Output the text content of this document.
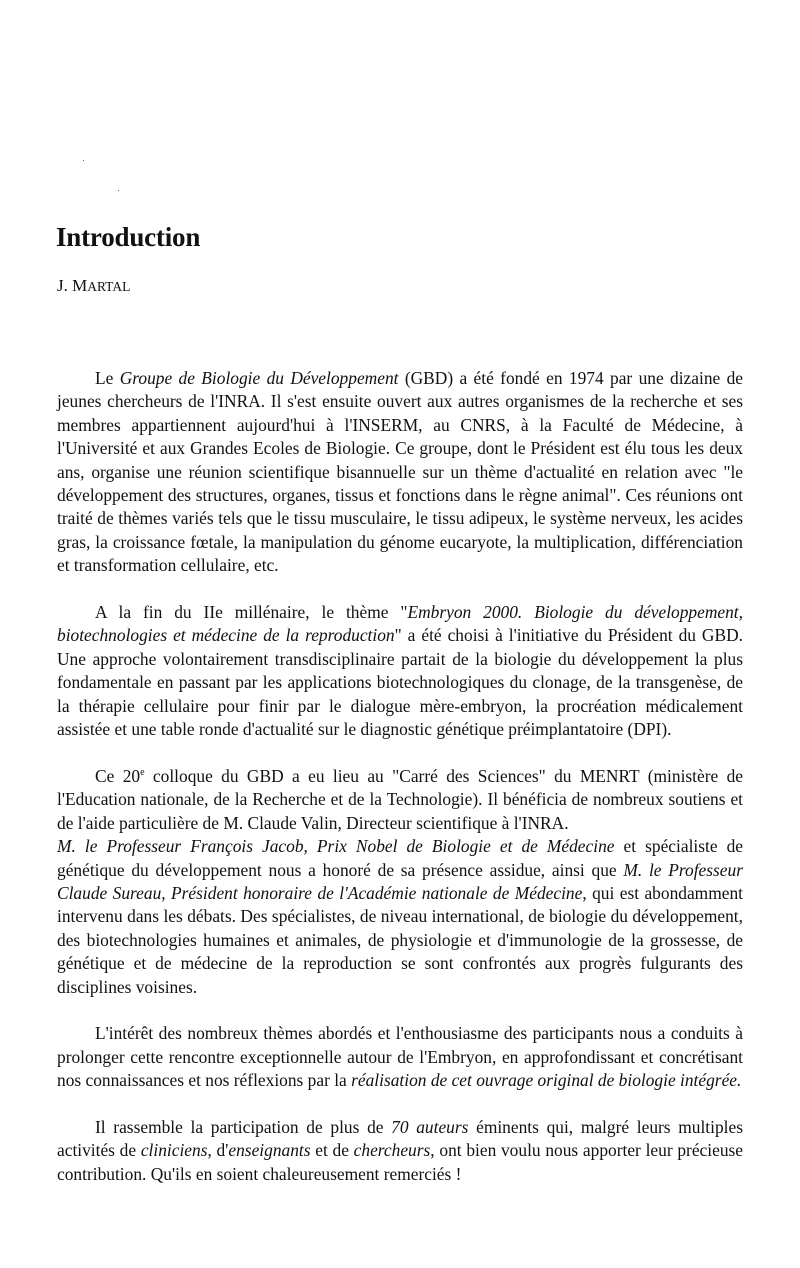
Introduction
J. MARTAL

Le Groupe de Biologie du Développement (GBD) a été fondé en 1974 par une dizaine de jeunes chercheurs de l'INRA. Il s'est ensuite ouvert aux autres organismes de la recherche et ses membres appartiennent aujourd'hui à l'INSERM, au CNRS, à la Faculté de Médecine, à l'Université et aux Grandes Ecoles de Biologie. Ce groupe, dont le Président est élu tous les deux ans, organise une réunion scientifique bisannuelle sur un thème d'actualité en relation avec "le développement des structures, organes, tissus et fonctions dans le règne animal". Ces réunions ont traité de thèmes variés tels que le tissu musculaire, le tissu adipeux, le système nerveux, les acides gras, la croissance fœtale, la manipulation du génome eucaryote, la multiplication, différenciation et transformation cellulaire, etc.

A la fin du IIe millénaire, le thème "Embryon 2000. Biologie du développement, biotechnologies et médecine de la reproduction" a été choisi à l'initiative du Président du GBD. Une approche volontairement transdisciplinaire partait de la biologie du développement la plus fondamentale en passant par les applications biotechnologiques du clonage, de la transgenèse, de la thérapie cellulaire pour finir par le dialogue mère-embryon, la procréation médicalement assistée et une table ronde d'actualité sur le diagnostic génétique préimplantatoire (DPI).

Ce 20e colloque du GBD a eu lieu au "Carré des Sciences" du MENRT (ministère de l'Education nationale, de la Recherche et de la Technologie). Il bénéficia de nombreux soutiens et de l'aide particulière de M. Claude Valin, Directeur scientifique à l'INRA.

M. le Professeur François Jacob, Prix Nobel de Biologie et de Médecine et spécialiste de génétique du développement nous a honoré de sa présence assidue, ainsi que M. le Professeur Claude Sureau, Président honoraire de l'Académie nationale de Médecine, qui est abondamment intervenu dans les débats. Des spécialistes, de niveau international, de biologie du développement, des biotechnologies humaines et animales, de physiologie et d'immunologie de la grossesse, de génétique et de médecine de la reproduction se sont confrontés aux progrès fulgurants des disciplines voisines.

L'intérêt des nombreux thèmes abordés et l'enthousiasme des participants nous a conduits à prolonger cette rencontre exceptionnelle autour de l'Embryon, en approfondissant et concrétisant nos connaissances et nos réflexions par la réalisation de cet ouvrage original de biologie intégrée.

Il rassemble la participation de plus de 70 auteurs éminents qui, malgré leurs multiples activités de cliniciens, d'enseignants et de chercheurs, ont bien voulu nous apporter leur précieuse contribution. Qu'ils en soient chaleureusement remerciés !
